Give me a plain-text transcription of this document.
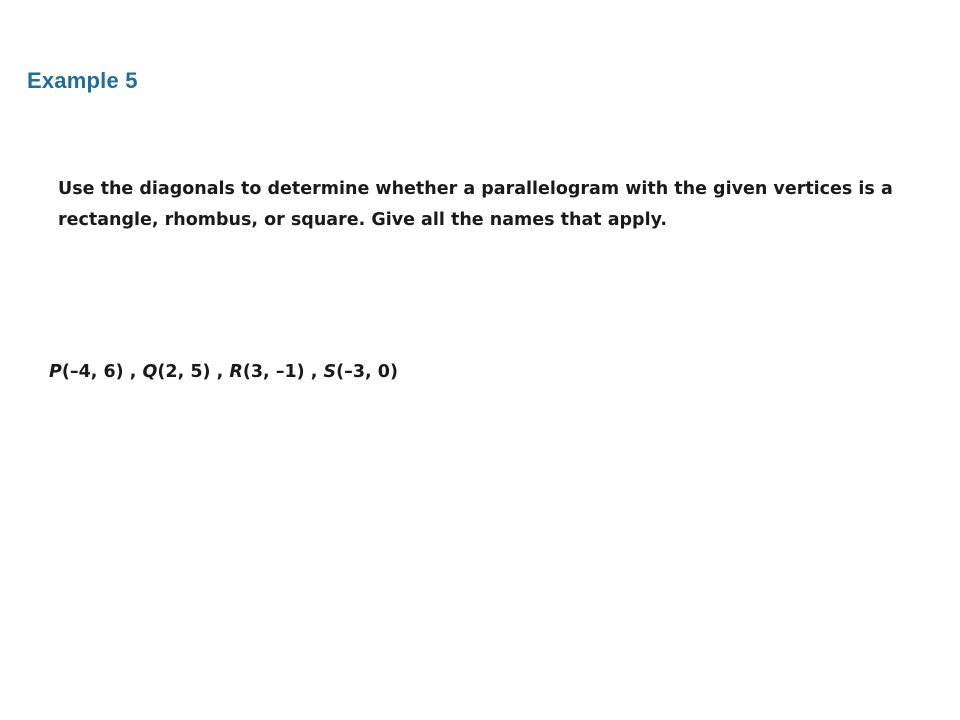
Example 5

Use the diagonals to determine whether a parallelogram with the given vertices is a rectangle, rhombus, or square. Give all the names that apply.

P(–4, 6) , Q(2, 5) , R(3, –1) , S(–3, 0)
